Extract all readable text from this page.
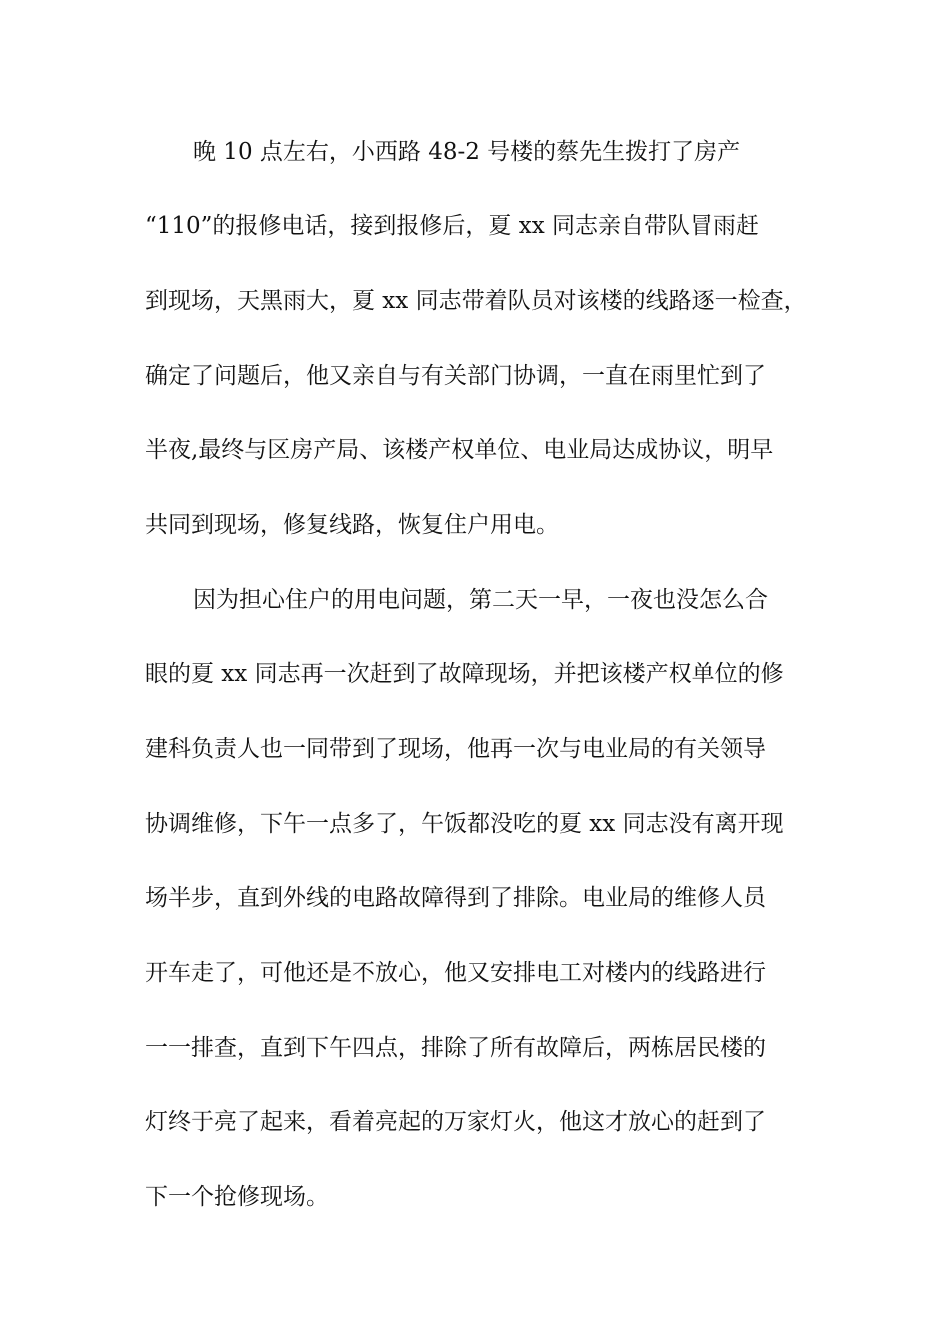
晚 10 点左右，小西路 48-2 号楼的蔡先生拨打了房产
“110”的报修电话，接到报修后，夏 xx 同志亲自带队冒雨赶
到现场，天黑雨大，夏 xx 同志带着队员对该楼的线路逐一检查，
确定了问题后，他又亲自与有关部门协调，一直在雨里忙到了
半夜,最终与区房产局、该楼产权单位、电业局达成协议，明早
共同到现场，修复线路，恢复住户用电。
因为担心住户的用电问题，第二天一早，一夜也没怎么合
眼的夏 xx 同志再一次赶到了故障现场，并把该楼产权单位的修
建科负责人也一同带到了现场，他再一次与电业局的有关领导
协调维修，下午一点多了，午饭都没吃的夏 xx 同志没有离开现
场半步，直到外线的电路故障得到了排除。电业局的维修人员
开车走了，可他还是不放心，他又安排电工对楼内的线路进行
一一排查，直到下午四点，排除了所有故障后，两栋居民楼的
灯终于亮了起来，看着亮起的万家灯火，他这才放心的赶到了
下一个抢修现场。
